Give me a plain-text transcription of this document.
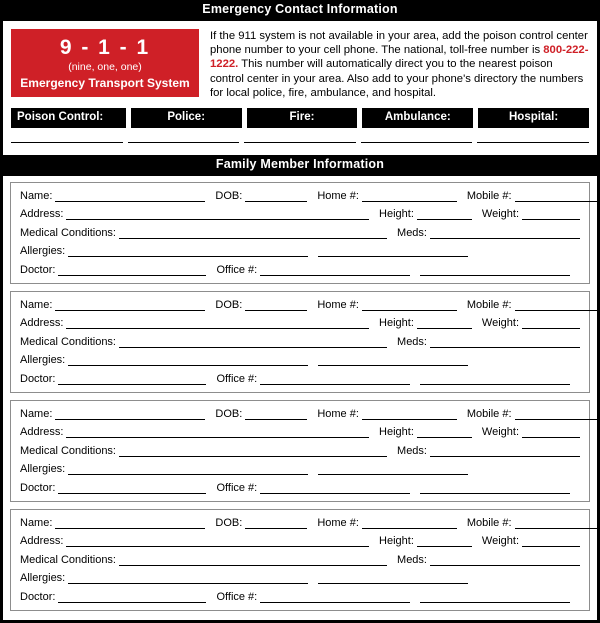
Emergency Contact Information
9 - 1 - 1
(nine, one, one)
Emergency Transport System
If the 911 system is not available in your area, add the poison control center phone number to your cell phone. The national, toll-free number is 800-222-1222. This number will automatically direct you to the nearest poison control center in your area. Also add to your phone's directory the numbers for local police, fire, ambulance, and hospital.
Poison Control:	Police:	Fire:	Ambulance:	Hospital:
Family Member Information
Name:	DOB:	Home #:	Mobile #:
Address:	Height:	Weight:
Medical Conditions:	Meds:
Allergies:
Doctor:	Office #:
Name:	DOB:	Home #:	Mobile #:
Address:	Height:	Weight:
Medical Conditions:	Meds:
Allergies:
Doctor:	Office #:
Name:	DOB:	Home #:	Mobile #:
Address:	Height:	Weight:
Medical Conditions:	Meds:
Allergies:
Doctor:	Office #:
Name:	DOB:	Home #:	Mobile #:
Address:	Height:	Weight:
Medical Conditions:	Meds:
Allergies:
Doctor:	Office #:
